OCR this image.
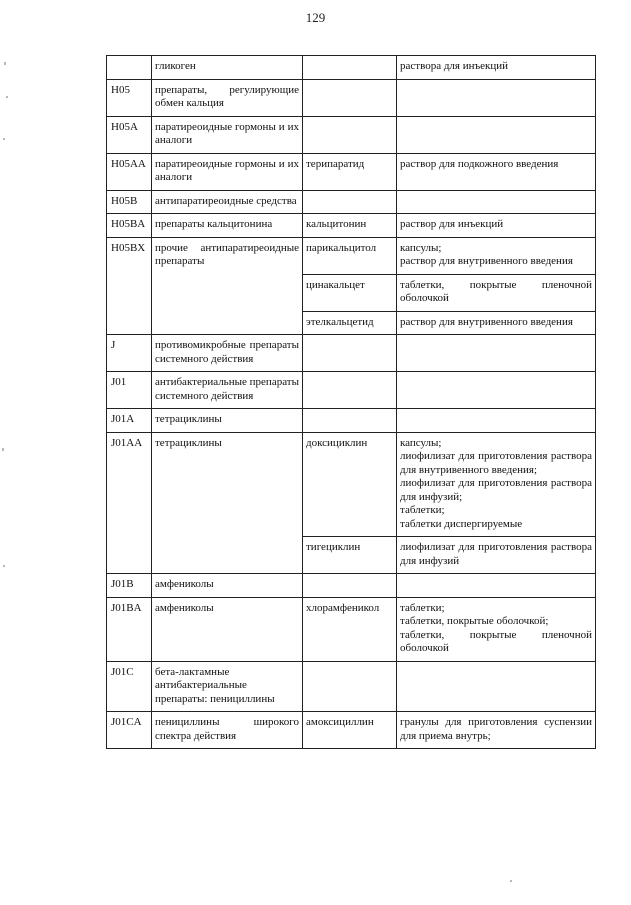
129
	гликоген		раствора для инъекций

H05	препараты, регулирующие обмен кальция		
H05A	паратиреоидные гормоны и их аналоги		
H05AA	паратиреоидные гормоны и их аналоги	терипаратид	раствор для подкожного введения

H05B	антипаратиреоидные средства		
H05BA	препараты кальцитонина	кальцитонин	раствор для инъекций

H05BX	прочие антипаратиреоидные препараты	парикальцитол	капсулы;
раствор для внутривенного введения

		цинакальцет	таблетки, покрытые пленочной оболочкой

		этелкальцетид	раствор для внутривенного введения

J	противомикробные препараты системного действия		
J01	антибактериальные препараты системного действия		
J01A	тетрациклины		
J01AA	тетрациклины	доксициклин	капсулы;
лиофилизат для приготовления раствора для внутривенного введения;
лиофилизат для приготовления раствора для инфузий;
таблетки;
таблетки диспергируемые

		тигециклин	лиофилизат для приготовления раствора для инфузий

J01B	амфениколы		
J01BA	амфениколы	хлорамфеникол	таблетки;
таблетки, покрытые оболочкой;
таблетки, покрытые пленочной оболочкой

J01C	бета-лактамные антибактериальные препараты: пенициллины		
J01CA	пенициллины широкого спектра действия	амоксициллин	гранулы для приготовления суспензии для приема внутрь;
